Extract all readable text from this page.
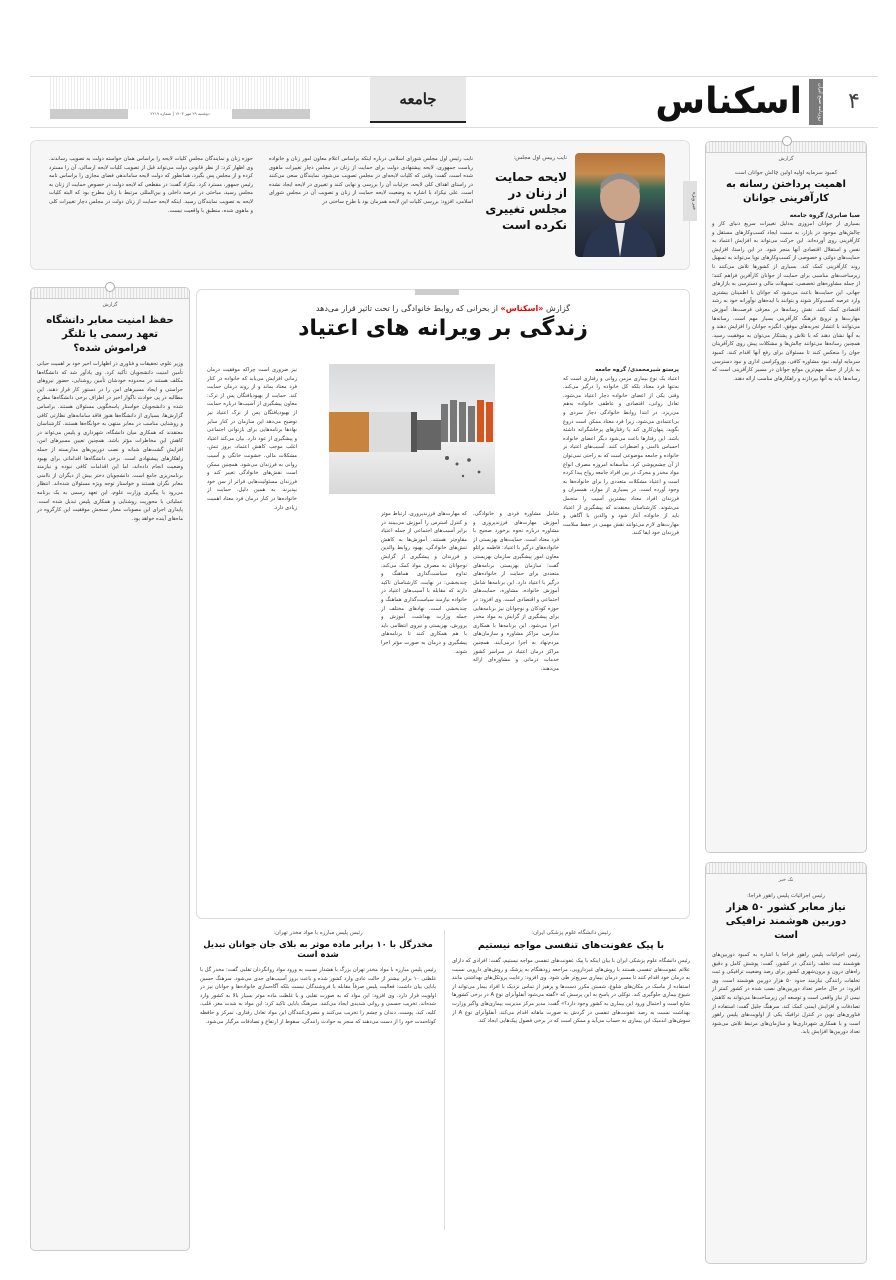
۴
روزنامه صبح ایران
اسکناس
جامعه
دوشنبه ۲۹ مهر ۱۴۰۳ | شماره ۲۲۱۹
خبر ویژه
نایب رییس اول مجلس:
لایحه حمایت از زنان در مجلس تغییری نکرده است
نایب رئیس اول مجلس شورای اسلامی درباره اینکه براساس اعلام معاون امور زنان و خانواده ریاست جمهوری، لایحه پیشنهادی دولت برای حمایت از زنان در مجلس دچار تغییرات ماهوی شده است، گفت: وقتی که کلیات لایحه‌ای در مجلس تصویب می‌شود، نمایندگان سعی می‌کنند در راستای اهداف کلی لایحه، جزئیات آن را بررسی و نهایی کنند و تغییری در لایحه ایجاد نشده است. علی نیکزاد با اشاره به وضعیت لایحه حمایت از زنان و تصویب آن در مجلس شورای اسلامی، افزود: بررسی کلیات این لایحه همزمان بود با طرح ساختی در
حوزه زنان و نمایندگان مجلس کلیات لایحه را براساس همان خواسته دولت به تصویب رساندند. وی اظهار کرد: از نظر قانونی دولت می‌تواند قبل از تصویب کلیات لایحه ارسالی، آن را مسترد کرده و از مجلس پس بگیرد، همانطور که دولت لایحه ساماندهی فضای مجازی را براساس نامه رئیس جمهور، مسترد کرد. نیکزاد گفت: در مقطعی که لایحه دولت در خصوص حمایت از زنان به مجلس رسید، مباحثی در عرصه داخلی و بین‌المللی مرتبط با زنان مطرح بود که البته کلیات لایحه به تصویب نمایندگان رسید. اینکه لایحه حمایت از زنان دولت در مجلس دچار تغییرات کلی و ماهوی شده، منطبق با واقعیت نیست.
گزارش
کمبود سرمایه اولیه اولین چالش جوانان است
اهمیت پرداختن رسانه به کارآفرینی جوانان
صبا صابری/ گروه جامعه
بسیاری از جوانان امروزی به‌دلیل تغییرات سریع دنیای کار و چالش‌های موجود در بازار، به سمت ایجاد کسب‌وکارهای مستقل و کارآفرینی روی آورده‌اند. این حرکت می‌تواند به افزایش اعتماد به نفس و استقلال اقتصادی آنها منجر شود. در این راستا، افزایش حمایت‌های دولتی و خصوصی از کسب‌وکارهای نوپا می‌تواند به تسهیل روند کارآفرینی کمک کند. بسیاری از کشورها تلاش می‌کنند تا زیرساخت‌های مناسبی برای حمایت از جوانان کارآفرین فراهم کنند؛ از جمله مشاوره‌های تخصصی، تسهیلات مالی و دسترسی به بازارهای جهانی. این حمایت‌ها باعث می‌شود که جوانان با اطمینان بیشتری وارد عرصه کسب‌وکار شوند و بتوانند با ایده‌های نوآورانه خود به رشد اقتصادی کمک کنند. نقش رسانه‌ها در معرفی فرصت‌ها، آموزش مهارت‌ها و ترویج فرهنگ کارآفرینی بسیار مهم است. رسانه‌ها می‌توانند با انتشار تجربه‌های موفق، انگیزه جوانان را افزایش دهند و به آنها نشان دهند که با تلاش و پشتکار می‌توان به موفقیت رسید. همچنین رسانه‌ها می‌توانند چالش‌ها و مشکلات پیش روی کارآفرینان جوان را منعکس کنند تا مسئولان برای رفع آنها اقدام کنند. کمبود سرمایه اولیه، نبود مشاوره کافی، بوروکراسی اداری و نبود دسترسی به بازار از جمله مهم‌ترین موانع جوانان در مسیر کارآفرینی است که رسانه‌ها باید به آنها بپردازند و راهکارهای مناسب ارائه دهند.
تک خبر
رئیس اجرائیات پلیس راهور فراجا:
نیاز معابر کشور ۵۰ هزار دوربین هوشمند ترافیکی است
رئیس اجرائیات پلیس راهور فراجا با اشاره به کمبود دوربین‌های هوشمند ثبت تخلف رانندگی در کشور، گفت: پوشش کامل و دقیق راه‌های درون و برون‌شهری کشور برای رصد وضعیت ترافیکی و ثبت تخلفات رانندگی نیازمند حدود ۵۰ هزار دوربین هوشمند است. وی افزود: در حال حاضر تعداد دوربین‌های نصب شده در کشور کمتر از نیمی از نیاز واقعی است و توسعه این زیرساخت‌ها می‌تواند به کاهش تصادفات و افزایش ایمنی کمک کند. سرهنگ جلیل گفت: استفاده از فناوری‌های نوین در کنترل ترافیک یکی از اولویت‌های پلیس راهور است و با همکاری شهرداری‌ها و سازمان‌های مرتبط تلاش می‌شود تعداد دوربین‌ها افزایش یابد.
گزارش
حفظ امنیت معابر دانشگاه تعهد رسمی یا تلنگر فراموش شده؟
وزیر علوم، تحقیقات و فناوری در اظهارات اخیر خود بر اهمیت حیاتی تأمین امنیت دانشجویان تأکید کرد. وی یادآور شد که دانشگاه‌ها مکلف هستند در محدوده خودشان تأمین روشنایی، حضور نیروهای حراستی و ایجاد مسیرهای امن را در دستور کار قرار دهند. این مطالبه در پی حوادث ناگوار اخیر در اطراف برخی دانشگاه‌ها مطرح شده و دانشجویان خواستار پاسخگویی مسئولان هستند. براساس گزارش‌ها، بسیاری از دانشگاه‌ها هنوز فاقد سامانه‌های نظارتی کافی و روشنایی مناسب در معابر منتهی به خوابگاه‌ها هستند. کارشناسان معتقدند که همکاری میان دانشگاه، شهرداری و پلیس می‌تواند در کاهش این مخاطرات مؤثر باشد. همچنین تعیین مسیرهای امن، افزایش گشت‌های شبانه و نصب دوربین‌های مداربسته از جمله راهکارهای پیشنهادی است. برخی دانشگاه‌ها اقداماتی برای بهبود وضعیت انجام داده‌اند، اما این اقدامات کافی نبوده و نیازمند برنامه‌ریزی جامع است. دانشجویان دختر بیش از دیگران از ناامنی معابر نگران هستند و خواستار توجه ویژه مسئولان شده‌اند. انتظار می‌رود با پیگیری وزارت علوم، این تعهد رسمی به یک برنامه عملیاتی با محوریت روشنایی و همکاری پلیس تبدیل شده است. پایداری اجرای این مصوبات معیار سنجش موفقیت این کارگروه در ماه‌های آینده خواهد بود.
گزارش «اسکناس» از بحرانی که روابط خانوادگی را تحت تاثیر قرار می‌دهد
زندگی بر ویرانه های اعتیاد
پرستو شیرمحمدی/ گروه جامعه
اعتیاد یک نوع بیماری مزمن روانی و رفتاری است که نه‌تنها فرد معتاد بلکه کل خانواده را درگیر می‌کند. وقتی یکی از اعضای خانواده دچار اعتیاد می‌شود، تعادل روانی، اقتصادی و عاطفی خانواده به‌هم می‌ریزد. در ابتدا روابط خانوادگی دچار سردی و بی‌اعتمادی می‌شود، زیرا فرد معتاد ممکن است دروغ بگوید، پنهان‌کاری کند یا رفتارهای پرخاشگرانه داشته باشد. این رفتارها باعث می‌شود دیگر اعضای خانواده احساس ناامنی و اضطراب کنند. آسیب‌های اعتیاد بر خانواده و جامعه موضوعی است که به راحتی نمی‌توان از آن چشم‌پوشی کرد. متأسفانه امروزه مصرف انواع مواد مخدر و محرک در بین افراد جامعه رواج پیدا کرده است و اعتیاد مشکلات متعددی را برای خانواده‌ها به وجود آورده است. در بسیاری از موارد، همسران و فرزندان افراد معتاد بیشترین آسیب را متحمل می‌شوند. کارشناسان معتقدند که پیشگیری از اعتیاد باید از خانواده آغاز شود و والدین با آگاهی و مهارت‌های لازم می‌توانند نقش مهمی در حفظ سلامت فرزندان خود ایفا کنند.
شامل مشاوره فردی و خانوادگی، آموزش مهارت‌های فرزندپروری و مشاوره درباره نحوه برخورد صحیح با فرد معتاد است. حمایت‌های بهزیستی از خانواده‌های درگیر با اعتیاد: فاطمه براتلو معاون امور پیشگیری سازمان بهزیستی گفت: سازمان بهزیستی برنامه‌های متعددی برای حمایت از خانواده‌های درگیر با اعتیاد دارد. این برنامه‌ها شامل آموزش خانواده، مشاوره، حمایت‌های اجتماعی و اقتصادی است. وی افزود: در حوزه کودکان و نوجوانان نیز برنامه‌هایی برای پیشگیری از گرایش به مواد مخدر اجرا می‌شود. این برنامه‌ها با همکاری مدارس، مراکز مشاوره و سازمان‌های مردم‌نهاد به اجرا درمی‌آیند. همچنین مراکز درمان اعتیاد در سراسر کشور خدمات درمانی و مشاوره‌ای ارائه می‌دهند.
که مهارت‌های فرزندپروری، ارتباط موثر و کنترل استرس را آموزش می‌بینند در برابر آسیب‌های اجتماعی از جمله اعتیاد مقاوم‌تر هستند. آموزش‌ها به کاهش تنش‌های خانوادگی، بهبود روابط والدین و فرزندان و پیشگیری از گرایش نوجوانان به مصرف مواد کمک می‌کند. تداوم سیاست‌گذاری هماهنگ و چندبخشی: در نهایت، کارشناسان تاکید دارند که مقابله با آسیب‌های اعتیاد در خانواده نیازمند سیاست‌گذاری هماهنگ و چندبخشی است. نهادهای مختلف از جمله وزارت بهداشت، آموزش و پرورش، بهزیستی و نیروی انتظامی باید با هم همکاری کنند تا برنامه‌های پیشگیری و درمان به صورت مؤثر اجرا شوند.
نیز ضروری است چراکه موفقیت درمان زمانی افزایش می‌یابد که خانواده در کنار فرد معتاد بماند و از روند درمان حمایت کند. حمایت از بهبودیافتگان پس از ترک: معاون پیشگیری از آسیب‌ها درباره حمایت از بهبودیافتگان پس از ترک اعتیاد نیز توضیح می‌دهد این سازمان در کنار سایر نهادها برنامه‌هایی برای بازتوانی اجتماعی و پیشگیری از عود دارد. بیان می‌کند اعتیاد اغلب موجب کاهش اعتماد، بروز تنش، مشکلات مالی، خشونت خانگی و آسیب روانی به فرزندان می‌شود. همچنین ممکن است نقش‌های خانوادگی تغییر کند و فرزندان مسئولیت‌هایی فراتر از سن خود بپذیرند. به همین دلیل، حمایت از خانواده‌ها در کنار درمان فرد معتاد اهمیت زیادی دارد.
رئیس دانشگاه علوم پزشکی ایران:
با پیک عفونت‌های تنفسی مواجه نیستیم
رئیس دانشگاه علوم پزشکی ایران با بیان اینکه با پیک عفونت‌های تنفسی مواجه نیستیم، گفت: افرادی که دارای علائم عفونت‌های تنفسی هستند با روش‌های غیردارویی، مراجعه زودهنگام به پزشک و روش‌های دارویی نسبت به درمان خود اقدام کنند تا مسیر درمان بیماری سریع‌تر طی شود. وی افزود: رعایت پروتکل‌های بهداشتی مانند استفاده از ماسک در مکان‌های شلوغ، شستن مکرر دست‌ها و پرهیز از تماس نزدیک با افراد بیمار می‌تواند از شیوع بیماری جلوگیری کند. توکلی در پاسخ به این پرسش که «گفته می‌شود آنفلوآنزای نوع A در برخی کشورها شایع است و احتمال ورود این بیماری به کشور وجود دارد؟» گفت: مدیر مرکز مدیریت بیماری‌های واگیر وزارت بهداشت نسبت به رصد عفونت‌های تنفسی در گردش به صورت ماهانه اقدام می‌کند. آنفلوآنزای نوع A از سوش‌های اندمیک این بیماری به حساب می‌آید و ممکن است که در برخی فصول پیک‌هایی ایجاد کند.
رئیس پلیس مبارزه با مواد مخدر تهران:
مخدرگل با ۱۰ برابر ماده موثر به بلای جان جوانان تبدیل شده است
رئیس پلیس مبارزه با مواد مخدر تهران بزرگ با هشدار نسبت به ورود مواد روانگردان تقلبی گفت: مخدر گل با غلظتی ۱۰ برابر بیشتر از حالت عادی وارد کشور شده و باعث بروز آسیب‌های جدی می‌شود. سرهنگ حسین بابایی بیان داشت: فعالیت پلیس صرفاً مقابله با فروشندگان نیست بلکه آگاه‌سازی خانواده‌ها و جوانان نیز در اولویت قرار دارد. وی افزود: این مواد که به صورت تقلبی و با غلظت ماده موثر بسیار بالا به کشور وارد شده‌اند، تخریب جسمی و روانی شدیدی ایجاد می‌کنند. سرهنگ بابایی تاکید کرد: این مواد به شدت مغز، قلب، کلیه، کبد، پوست، دندان و چشم را تخریب می‌کنند و مصرف‌کنندگان این مواد تعادل رفتاری، تمرکز و حافظه کوتاه‌مدت خود را از دست می‌دهند که منجر به حوادث رانندگی، سقوط از ارتفاع و تصادفات مرگبار می‌شود.
